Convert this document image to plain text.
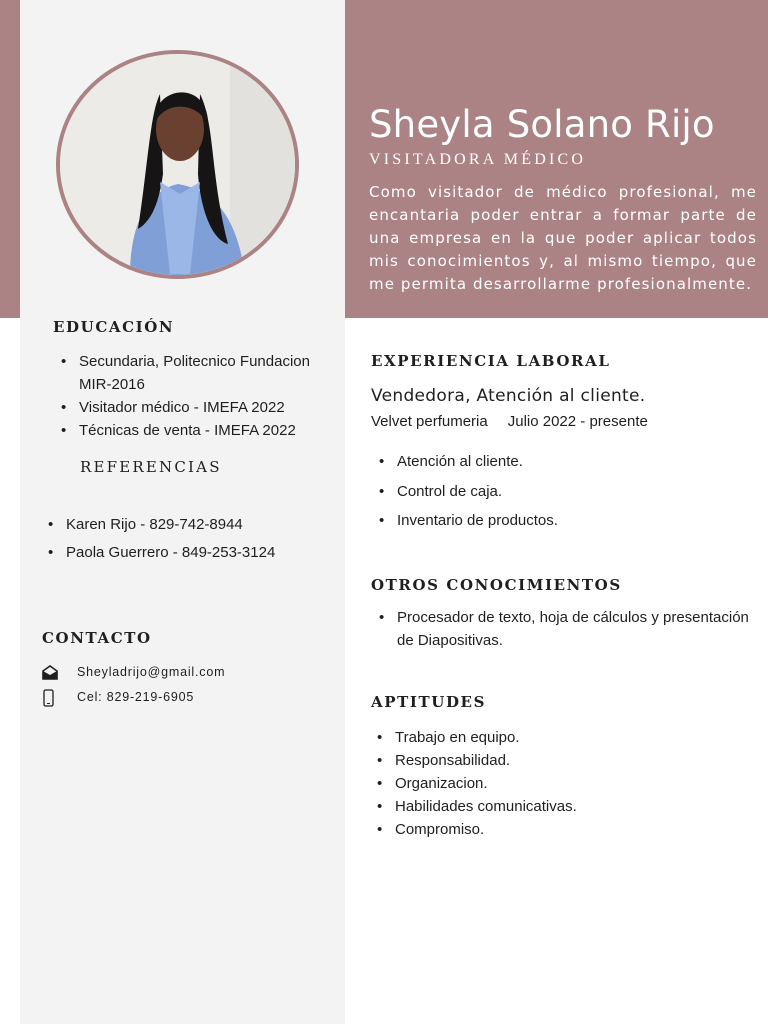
Sheyla Solano Rijo
VISITADORA MÉDICO
Como visitador de médico profesional, me encantaria poder entrar a formar parte de una empresa en la que poder aplicar todos mis conocimientos y, al mismo tiempo, que me permita desarrollarme profesionalmente.
EDUCACIÓN
• Secundaria, Politecnico Fundacion MIR-2016
• Visitador médico - IMEFA 2022
• Técnicas de venta - IMEFA 2022
REFERENCIAS
• Karen Rijo - 829-742-8944
• Paola Guerrero - 849-253-3124
CONTACTO
Sheyladrijo@gmail.com
Cel: 829-219-6905
EXPERIENCIA LABORAL
Vendedora, Atención al cliente.
Velvet perfumeria Julio 2022 - presente
• Atención al cliente.
• Control de caja.
• Inventario de productos.
OTROS CONOCIMIENTOS
• Procesador de texto, hoja de cálculos y presentación de Diapositivas.
APTITUDES
• Trabajo en equipo.
• Responsabilidad.
• Organizacion.
• Habilidades comunicativas.
• Compromiso.
